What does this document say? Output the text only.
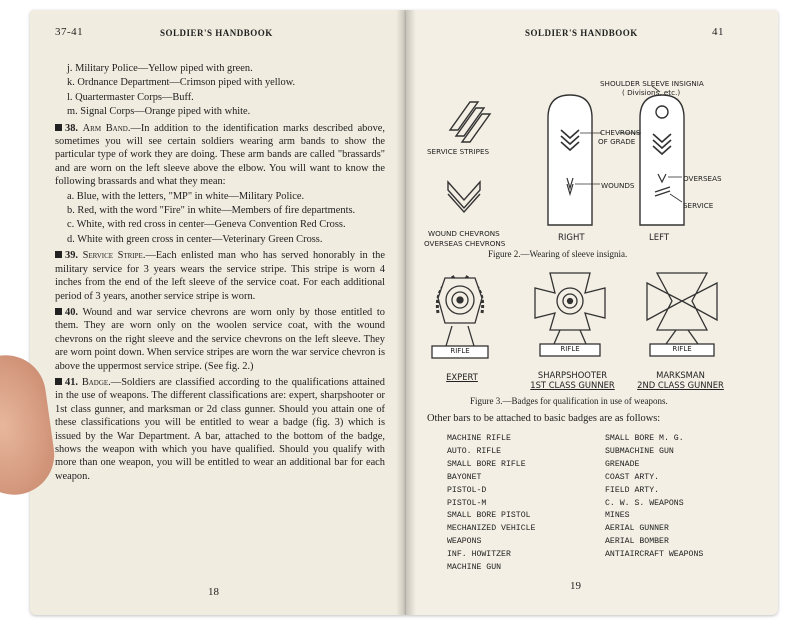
37-41	SOLDIER'S HANDBOOK

j. Military Police—Yellow piped with green.

k. Ordnance Department—Crimson piped with yellow.

l. Quartermaster Corps—Buff.

m. Signal Corps—Orange piped with white.

38. Arm Band.—In addition to the identification marks described above, sometimes you will see certain soldiers wearing arm bands to show the particular type of work they are doing. These arm bands are called "brassards" and are worn on the left sleeve above the elbow. You will want to know the following brassards and what they mean:

a. Blue, with the letters, "MP" in white—Military Police.

b. Red, with the word "Fire" in white—Members of fire departments.

c. White, with red cross in center—Geneva Convention Red Cross.

d. White with green cross in center—Veterinary Green Cross.

39. Service Stripe.—Each enlisted man who has served honorably in the military service for 3 years wears the service stripe. This stripe is worn 4 inches from the end of the left sleeve of the service coat. For each additional period of 3 years, another service stripe is worn.

40. Wound and war service chevrons are worn only by those entitled to them. They are worn only on the woolen service coat, with the wound chevrons on the right sleeve and the service chevrons on the left sleeve. They are worn point down. When service stripes are worn the war service chevron is above the uppermost service stripe. (See fig. 2.)

41. Badge.—Soldiers are classified according to the qualifications attained in the use of weapons. The different classifications are: expert, sharpshooter or 1st class gunner, and marksman or 2d class gunner. Should you attain one of these classifications you will be entitled to wear a badge (fig. 3) which is issued by the War Department. A bar, attached to the bottom of the badge, shows the weapon with which you have qualified. Should you qualify with more than one weapon, you will be entitled to wear an additional bar for each weapon.

18
SOLDIER'S HANDBOOK	41
SERVICE STRIPES
WOUND CHEVRONS
OVERSEAS CHEVRONS
SHOULDER SLEEVE INSIGNIA
( Divisions, etc.)
CHEVRONS
OF GRADE
WOUNDS
OVERSEAS
SERVICE
RIGHT	LEFT
Figure 2.—Wearing of sleeve insignia.
RIFLE	RIFLE	RIFLE
EXPERT	SHARPSHOOTER
1ST CLASS GUNNER
MARKSMAN
2ND CLASS GUNNER
Figure 3.—Badges for qualification in use of weapons.
Other bars to be attached to basic badges are as follows:
MACHINE RIFLE
AUTO. RIFLE
SMALL BORE RIFLE
BAYONET
PISTOL-D
PISTOL-M
SMALL BORE PISTOL
MECHANIZED VEHICLE
WEAPONS
INF. HOWITZER
MACHINE GUN
SMALL BORE M. G.
SUBMACHINE GUN
GRENADE
COAST ARTY.
FIELD ARTY.
C. W. S. WEAPONS
MINES
AERIAL GUNNER
AERIAL BOMBER
ANTIAIRCRAFT WEAPONS
19
